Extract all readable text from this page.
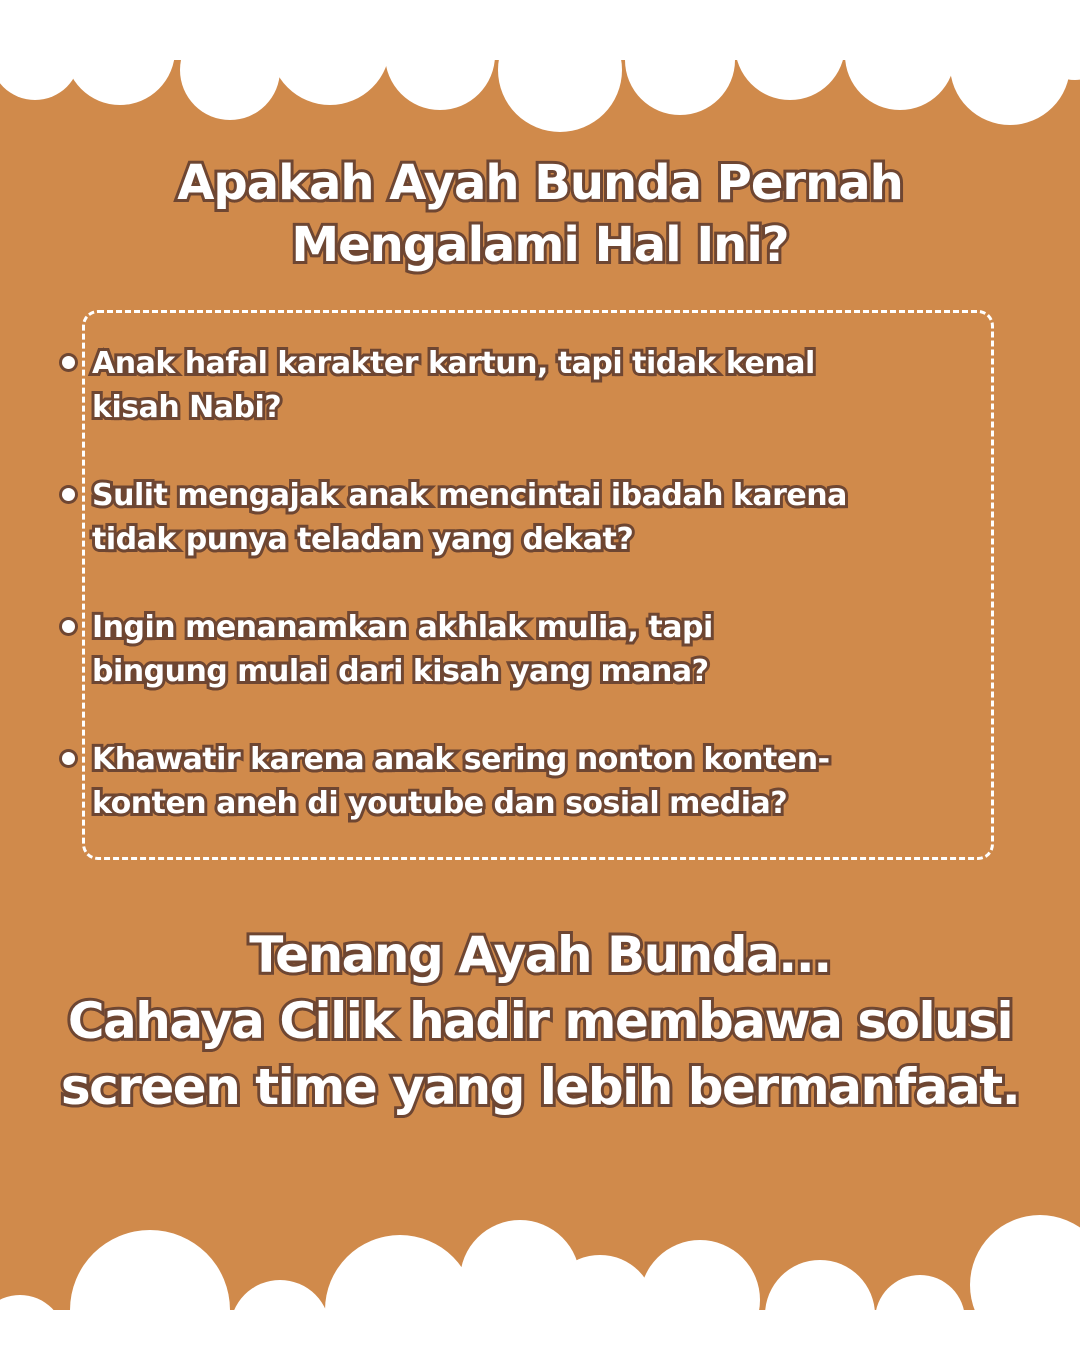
Apakah Ayah Bunda Pernah
Mengalami Hal Ini?
Anak hafal karakter kartun, tapi tidak kenal
kisah Nabi?
Sulit mengajak anak mencintai ibadah karena
tidak punya teladan yang dekat?
Ingin menanamkan akhlak mulia, tapi
bingung mulai dari kisah yang mana?
Khawatir karena anak sering nonton konten-
konten aneh di youtube dan sosial media?
Tenang Ayah Bunda...
Cahaya Cilik hadir membawa solusi
screen time yang lebih bermanfaat.
